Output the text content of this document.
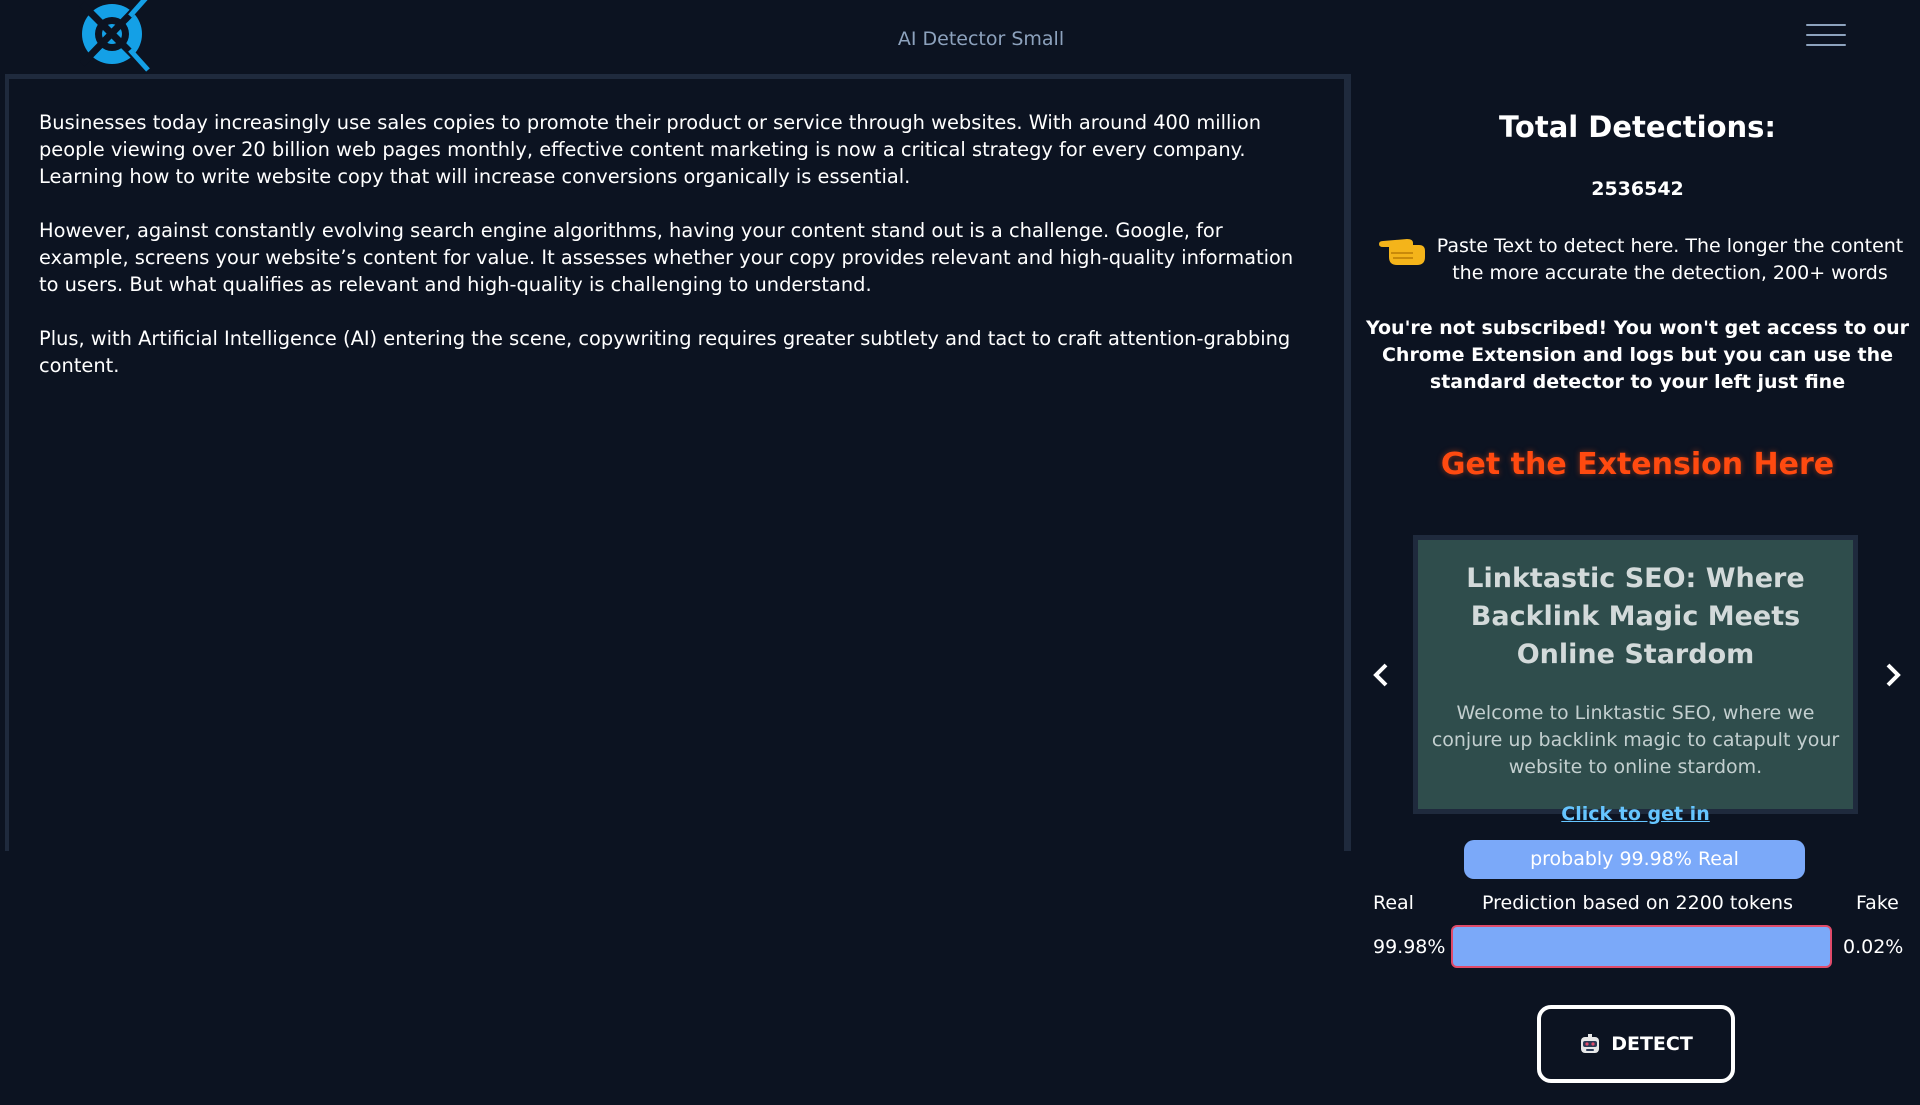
AI Detector Small

Businesses today increasingly use sales copies to promote their product or service through websites. With around 400 million people viewing over 20 billion web pages monthly, effective content marketing is now a critical strategy for every company. Learning how to write website copy that will increase conversions organically is essential.

However, against constantly evolving search engine algorithms, having your content stand out is a challenge. Google, for example, screens your website’s content for value. It assesses whether your copy provides relevant and high-quality information to users. But what qualifies as relevant and high-quality is challenging to understand.

Plus, with Artificial Intelligence (AI) entering the scene, copywriting requires greater subtlety and tact to craft attention-grabbing content.

Total Detections:
2536542
Paste Text to detect here. The longer the content the more accurate the detection, 200+ words
You're not subscribed! You won't get access to our Chrome Extension and logs but you can use the standard detector to your left just fine
Get the Extension Here
Linktastic SEO: Where Backlink Magic Meets Online Stardom
Welcome to Linktastic SEO, where we conjure up backlink magic to catapult your website to online stardom.
Click to get in
probably 99.98% Real
Real	Prediction based on 2200 tokens	Fake
99.98%	0.02%
DETECT
